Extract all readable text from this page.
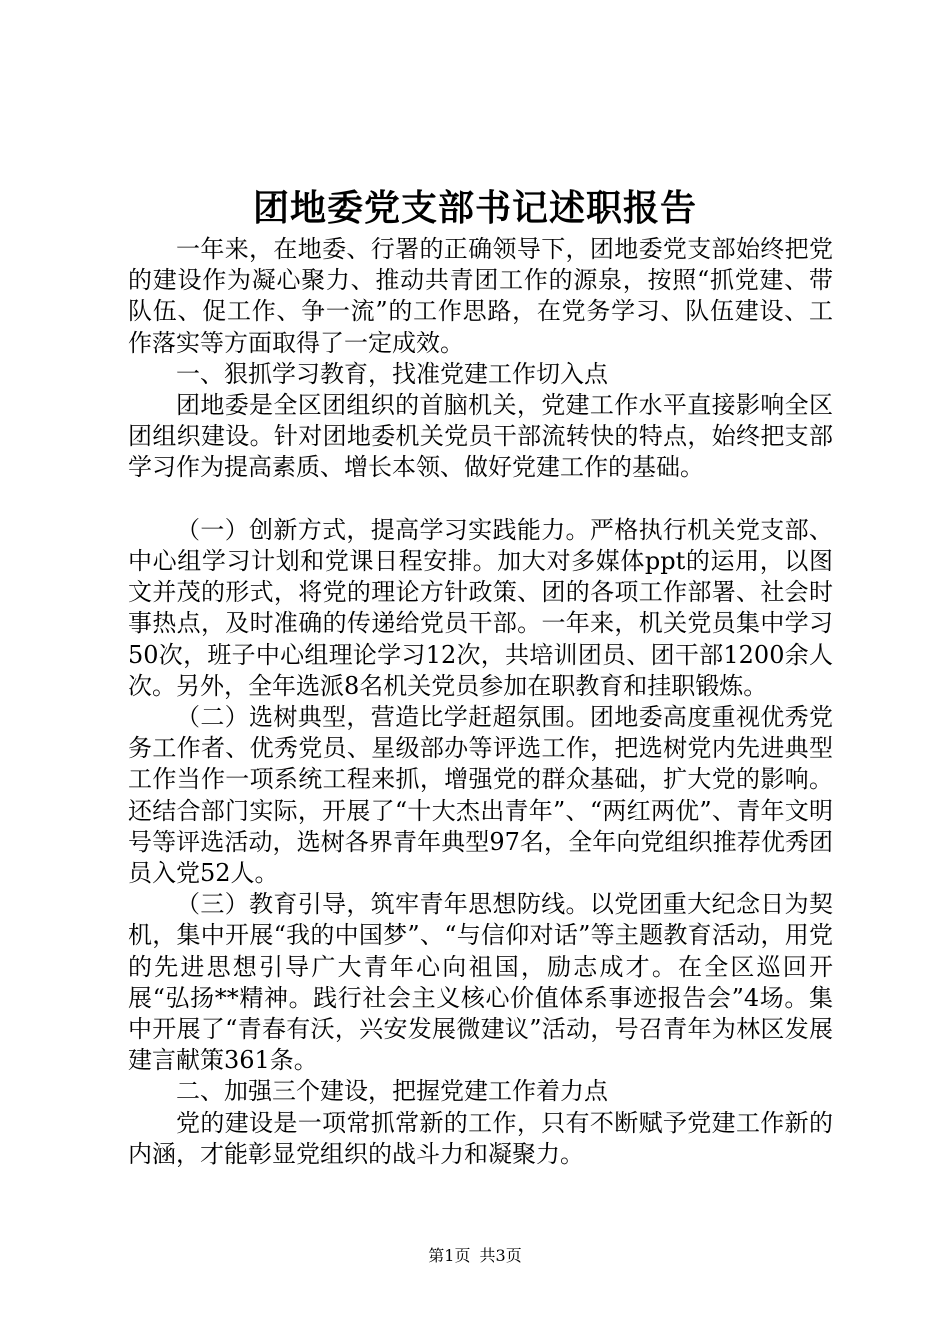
团地委党支部书记述职报告

一年来，在地委、行署的正确领导下，团地委党支部始终把党的建设作为凝心聚力、推动共青团工作的源泉，按照“抓党建、带队伍、促工作、争一流”的工作思路，在党务学习、队伍建设、工作落实等方面取得了一定成效。

一、狠抓学习教育，找准党建工作切入点

团地委是全区团组织的首脑机关，党建工作水平直接影响全区团组织建设。针对团地委机关党员干部流转快的特点，始终把支部学习作为提高素质、增长本领、做好党建工作的基础。

（一）创新方式，提高学习实践能力。严格执行机关党支部、中心组学习计划和党课日程安排。加大对多媒体ppt的运用，以图文并茂的形式，将党的理论方针政策、团的各项工作部署、社会时事热点，及时准确的传递给党员干部。一年来，机关党员集中学习50次，班子中心组理论学习12次，共培训团员、团干部1200余人次。另外，全年选派8名机关党员参加在职教育和挂职锻炼。

（二）选树典型，营造比学赶超氛围。团地委高度重视优秀党务工作者、优秀党员、星级部办等评选工作，把选树党内先进典型工作当作一项系统工程来抓，增强党的群众基础，扩大党的影响。还结合部门实际，开展了“十大杰出青年”、“两红两优”、青年文明号等评选活动，选树各界青年典型97名，全年向党组织推荐优秀团员入党52人。

（三）教育引导，筑牢青年思想防线。以党团重大纪念日为契机，集中开展“我的中国梦”、“与信仰对话”等主题教育活动，用党的先进思想引导广大青年心向祖国，励志成才。在全区巡回开展“弘扬**精神。践行社会主义核心价值体系事迹报告会”4场。集中开展了“青春有沃，兴安发展微建议”活动，号召青年为林区发展建言献策361条。

二、加强三个建设，把握党建工作着力点

党的建设是一项常抓常新的工作，只有不断赋予党建工作新的内涵，才能彰显党组织的战斗力和凝聚力。

第1页 共3页
